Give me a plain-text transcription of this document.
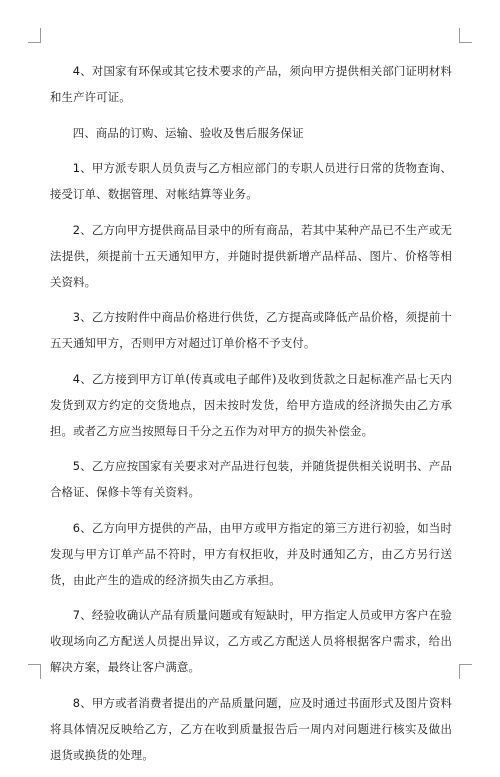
4、对国家有环保或其它技术要求的产品，须向甲方提供相关部门证明材料和生产许可证。

四、商品的订购、运输、验收及售后服务保证

1、甲方派专职人员负责与乙方相应部门的专职人员进行日常的货物查询、接受订单、数据管理、对帐结算等业务。

2、乙方向甲方提供商品目录中的所有商品，若其中某种产品已不生产或无法提供，须提前十五天通知甲方，并随时提供新增产品样品、图片、价格等相关资料。

3、乙方按附件中商品价格进行供货，乙方提高或降低产品价格，须提前十五天通知甲方，否则甲方对超过订单价格不予支付。

4、乙方接到甲方订单(传真或电子邮件)及收到货款之日起标准产品七天内发货到双方约定的交货地点，因未按时发货，给甲方造成的经济损失由乙方承担。或者乙方应当按照每日千分之五作为对甲方的损失补偿金。

5、乙方应按国家有关要求对产品进行包装，并随货提供相关说明书、产品合格证、保修卡等有关资料。

6、乙方向甲方提供的产品，由甲方或甲方指定的第三方进行初验，如当时发现与甲方订单产品不符时，甲方有权拒收，并及时通知乙方，由乙方另行送货，由此产生的造成的经济损失由乙方承担。

7、经验收确认产品有质量问题或有短缺时，甲方指定人员或甲方客户在验收现场向乙方配送人员提出异议，乙方或乙方配送人员将根据客户需求，给出解决方案，最终让客户满意。

8、甲方或者消费者提出的产品质量问题，应及时通过书面形式及图片资料将具体情况反映给乙方，乙方在收到质量报告后一周内对问题进行核实及做出退货或换货的处理。
